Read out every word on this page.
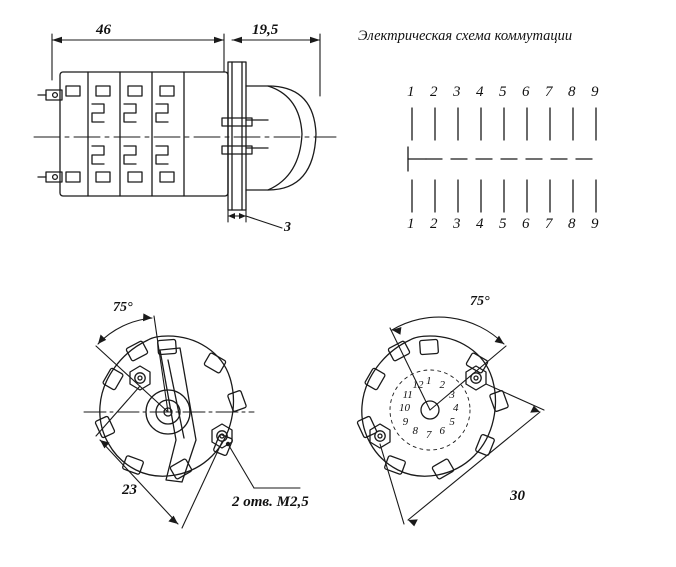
Электрическая схема коммутации
46	19,5
3
75°
23
2 отв. M2,5
75°
30
1 2 3 4 5 6 7 8 9
1 2 3 4 5 6 7 8 9
1 2
3
4
5
6
7
8
9
10
11
12
